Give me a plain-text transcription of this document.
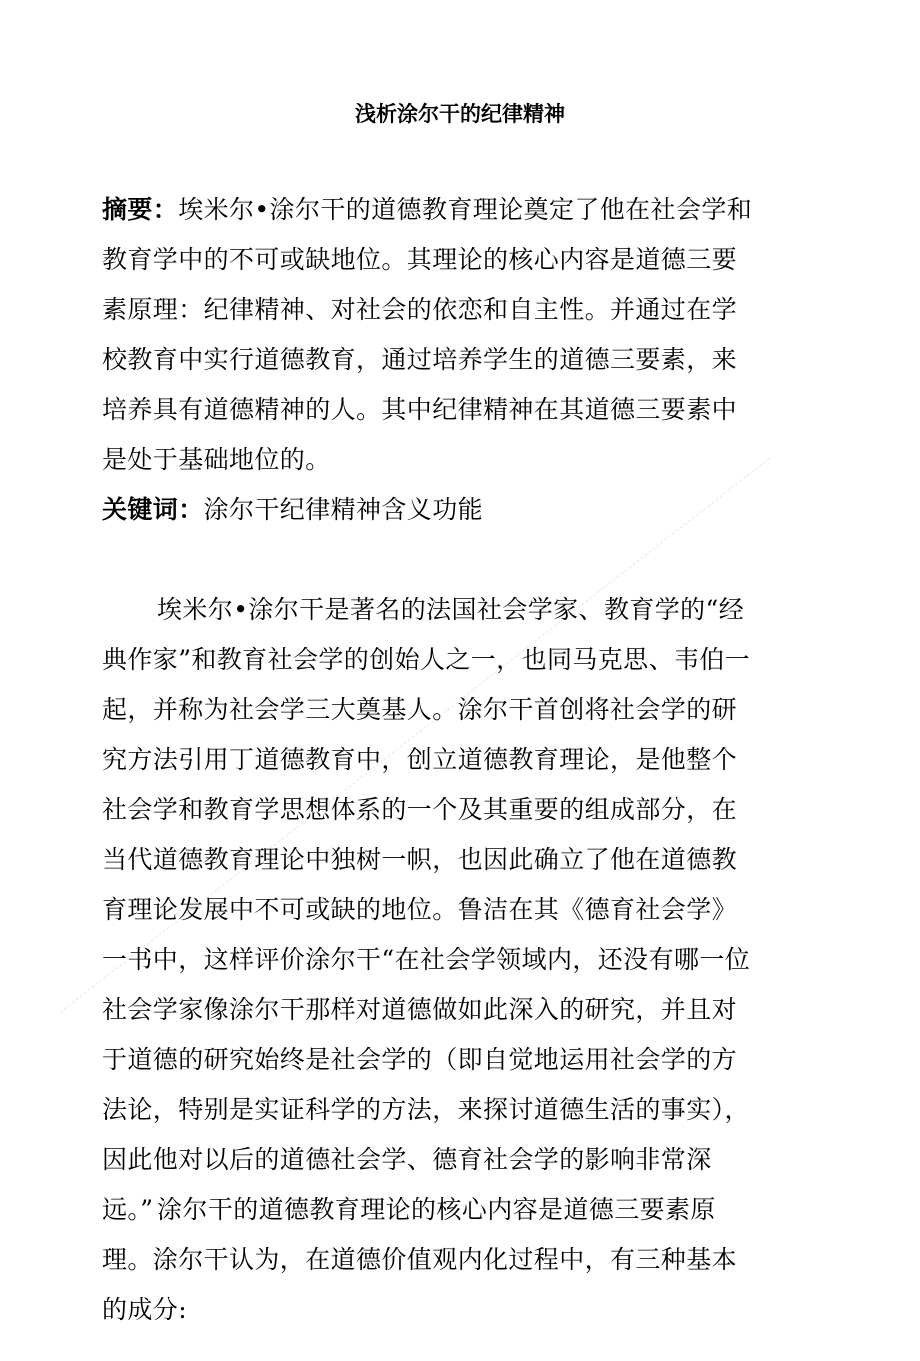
浅析涂尔干的纪律精神
摘要：埃米尔•涂尔干的道德教育理论奠定了他在社会学和教育学中的不可或缺地位。其理论的核心内容是道德三要素原理：纪律精神、对社会的依恋和自主性。并通过在学校教育中实行道德教育，通过培养学生的道德三要素，来培养具有道德精神的人。其中纪律精神在其道德三要素中是处于基础地位的。
关键词：涂尔干纪律精神含义功能
埃米尔•涂尔干是著名的法国社会学家、教育学的“经典作家”和教育社会学的创始人之一，也同马克思、韦伯一起，并称为社会学三大奠基人。涂尔干首创将社会学的研究方法引用丁道德教育中，创立道德教育理论，是他整个社会学和教育学思想体系的一个及其重要的组成部分，在当代道德教育理论中独树一帜，也因此确立了他在道德教育理论发展中不可或缺的地位。鲁洁在其《德育社会学》一书中，这样评价涂尔干“在社会学领域内，还没有哪一位社会学家像涂尔干那样对道德做如此深入的研究，并且对于道德的研究始终是社会学的（即自觉地运用社会学的方法论，特别是实证科学的方法，来探讨道德生活的事实），因此他对以后的道德社会学、德育社会学的影响非常深远。” 涂尔干的道德教育理论的核心内容是道德三要素原理。涂尔干认为，在道德价值观内化过程中，有三种基本的成分:
